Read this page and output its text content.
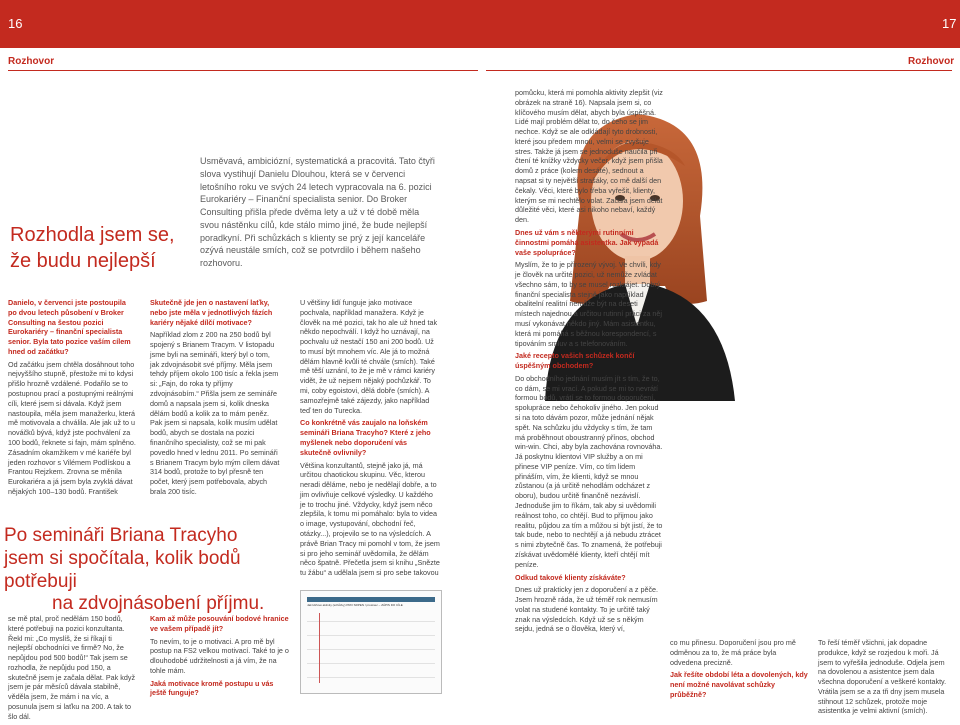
16	17
Rozhovor	Rozhovor
Rozhodla jsem se,
že budu nejlepší
Usměvavá, ambiciózní, systematická a pracovitá. Tato čtyři slova vystihují Danielu Dlouhou, která se v červenci letošního roku ve svých 24 letech vypracovala na 6. pozici Eurokariéry – Finanční specialista senior. Do Broker Consulting přišla přede dvěma lety a už v té době měla svou nástěnku cílů, kde stálo mimo jiné, že bude nejlepší poradkyní. Při schůzkách s klienty se prý z její kanceláře ozývá neustále smích, což se potvrdilo i během našeho rozhovoru.

Danielo, v červenci jste postoupila po dvou letech působení v Broker Consulting na šestou pozici Eurokariéry – finanční specialista senior. Byla tato pozice vaším cílem hned od začátku?

Od začátku jsem chtěla dosáhnout toho nejvyššího stupně, přestože mi to kdysi přišlo hrozně vzdálené. Podařilo se to postupnou prací a postupnými reálnými cíli, které jsem si dávala. Když jsem nastoupila, měla jsem manažerku, která mě motivovala a chválila. Ale jak už to u nováčků bývá, když jste pochválení za 100 bodů, řeknete si fajn, mám splněno. Zásadním okamžikem v mé kariéře byl jeden rozhovor s Vilémem Podlískou a Frantou Rejzkem. Zrovna se měnila Eurokariéra a já jsem byla zvyklá dávat nějakých 100–130 bodů. František

Skutečně jde jen o nastavení laťky, nebo jste měla v jednotlivých fázích kariéry nějaké dílčí motivace?

Například zlom z 200 na 250 bodů byl spojený s Brianem Tracym. V listopadu jsme byli na semináři, který byl o tom, jak zdvojnásobit své příjmy. Měla jsem tehdy příjem okolo 100 tisíc a řekla jsem si: „Fajn, do roka ty příjmy zdvojnásobím.“ Přišla jsem ze semináře domů a napsala jsem si, kolik dneska dělám bodů a kolik za to mám peněz. Pak jsem si napsala, kolik musím udělat bodů, abych se dostala na pozici finančního specialisty, což se mi pak povedlo hned v lednu 2011. Po semináři s Brianem Tracym bylo mým cílem dávat 314 bodů, protože to byl přesně ten počet, který jsem potřebovala, abych brala 200 tisíc.

U většiny lidí funguje jako motivace pochvala, například manažera. Když je člověk na mé pozici, tak ho ale už hned tak někdo nepochválí. I když ho uznávají, na pochvalu už nestačí 150 ani 200 bodů. Už to musí být mnohem víc. Ale já to možná dělám hlavně kvůli té chvále (smích). Také mě těší uznání, to že je mě v rámci kariéry vidět, že už nejsem nějaký pochůzkář. To mi, coby egoistovi, dělá dobře (smích). A samozřejmě také zájezdy, jako například teď ten do Turecka.

Co konkrétně vás zaujalo na loňském semináři Briana Tracyho? Které z jeho myšlenek nebo doporučení vás skutečně ovlivnily?

Většina konzultantů, stejně jako já, má určitou chaotickou skupinu. Věc, kterou neradi děláme, nebo je nedělají dobře, a to jim ovlivňuje celkové výsledky. U každého je to trochu jiné. Vždycky, když jsem něco zlepšila, k tomu mi pomáhalo: byla to videa o image, vystupování, obchodní řeč, otázky...), projevilo se to na výsledcích. A právě Brian Tracy mi pomohl v tom, že jsem si pro jeho seminář uvědomila, že dělám něco špatně. Přečetla jsem si knihu „Snězte tu žábu“ a udělala jsem si pro sebe takovou

Po semináři Briana Tracyho
jsem si spočítala, kolik bodů potřebuji
na zdvojnásobení příjmu.

se mě ptal, proč nedělám 150 bodů, které potřebuji na pozici konzultanta. Řekl mi: „Co myslíš, že si říkají ti nejlepší obchodníci ve firmě? No, že nepůjdou pod 500 bodů!“ Tak jsem se rozhodla, že nepůjdu pod 150, a skutečně jsem je začala dělat. Pak když jsem je pár měsíců dávala stabilně, věděla jsem, že mám i na víc, a posunula jsem si laťku na 200. A tak to šlo dál.

Kam až může posouvání bodové hranice ve vašem případě jít?

To nevím, to je o motivaci. A pro mě byl postup na FS2 velkou motivací. Také to je o dlouhodobé udržitelnosti a já vím, že na tohle mám.

Jaká motivace kromě postupu u vás ještě funguje?

Jak klíčové aktivity (schůzky) PRO SRPEN / prosinec – ZÁPIS DO CÍLE

pomůcku, která mi pomohla aktivity zlepšit (viz obrázek na straně 16). Napsala jsem si, co klíčového musím dělat, abych byla úspěšná. Lidé mají problém dělat to, do čeho se jim nechce. Když se ale odkládají tyto drobnosti, které jsou předem mnou, velmi se zvyšuje stres. Takže já jsem se jednoduše naučila při čtení té knížky vždycky večer, když jsem přišla domů z práce (kolem desáté), sednout a napsat si ty největší strašáky, co mě další den čekaly. Věci, které bylo třeba vyřešit, klienty, kterým se mi nechtělo volat. Začala jsem dělat důležité věci, které asi nikoho nebaví, každý den.

Dnes už vám s některými rutinními činnostmi pomáhá asistentka. Jak vypadá vaše spolupráce?

Myslím, že to je přirozený vývoj. Ve chvíli, kdy je člověk na určité pozici, už nemůže zvládat všechno sám, to by se musel rozkrájet. Dobrý finanční specialista stejně jako například obalitelní realitní nemůže být na deseti místech najednou a určitou rutinní práci za něj musí vykonávat někdo jiný. Mám asistentku, která mi pomáhá s běžnou korespondencí, s tipováním smluv a s telefonováním.

Jaké recepto vašich schůzek končí úspěšným obchodem?

Do obchodního jednání musím jít s tím, že to, co dám, se mi vrací. A pokud se mi to nevrátí formou bodů, vrátí se to formou doporučení, spolupráce nebo čehokoliv jiného. Jen pokud si na toto dávám pozor, může jednání nějak spět. Na schůzku jdu vždycky s tím, že tam má proběhnout oboustranný přínos, obchod win-win. Chci, aby byla zachována rovnováha. Já poskytnu klientovi VIP služby a on mi přinese VIP peníze. Vím, co tím lidem přináším, vím, že klienti, když se mnou zůstanou (a já určitě nehodlám odcházet z oboru), budou určitě finančně nezávislí. Jednoduše jim to říkám, tak aby si uvědomili reálnost toho, co chtějí. Bud to přijmou jako realitu, půjdou za tím a můžou si být jistí, že to tak bude, nebo to nechtějí a já nebudu ztrácet s nimi zbytečně čas. To znamená, že potřebuji získávat uvědomělé klienty, kteří chtějí mít peníze.

Odkud takové klienty získáváte?

Dnes už prakticky jen z doporučení a z pěče. Jsem hrozně ráda, že už téměř rok nemusím volat na studené kontakty. To je určitě taký znak na výsledcích. Když už se s někým sejdu, jedná se o člověka, který ví,

co mu přinesu. Doporučení jsou pro mě odměnou za to, že má práce byla odvedena precizně.

Jak řešíte období léta a dovolených, kdy není možné navolávat schůzky průběžně?

To řeší téměř všichni, jak dopadne produkce, když se rozjedou k moři. Já jsem to vyřešila jednoduše. Odjela jsem na dovolenou a asistentce jsem dala všechna doporučení a veškeré kontakty. Vrátila jsem se a za tři dny jsem musela stihnout 12 schůzek, protože moje asistentka je velmi aktivní (smích).
